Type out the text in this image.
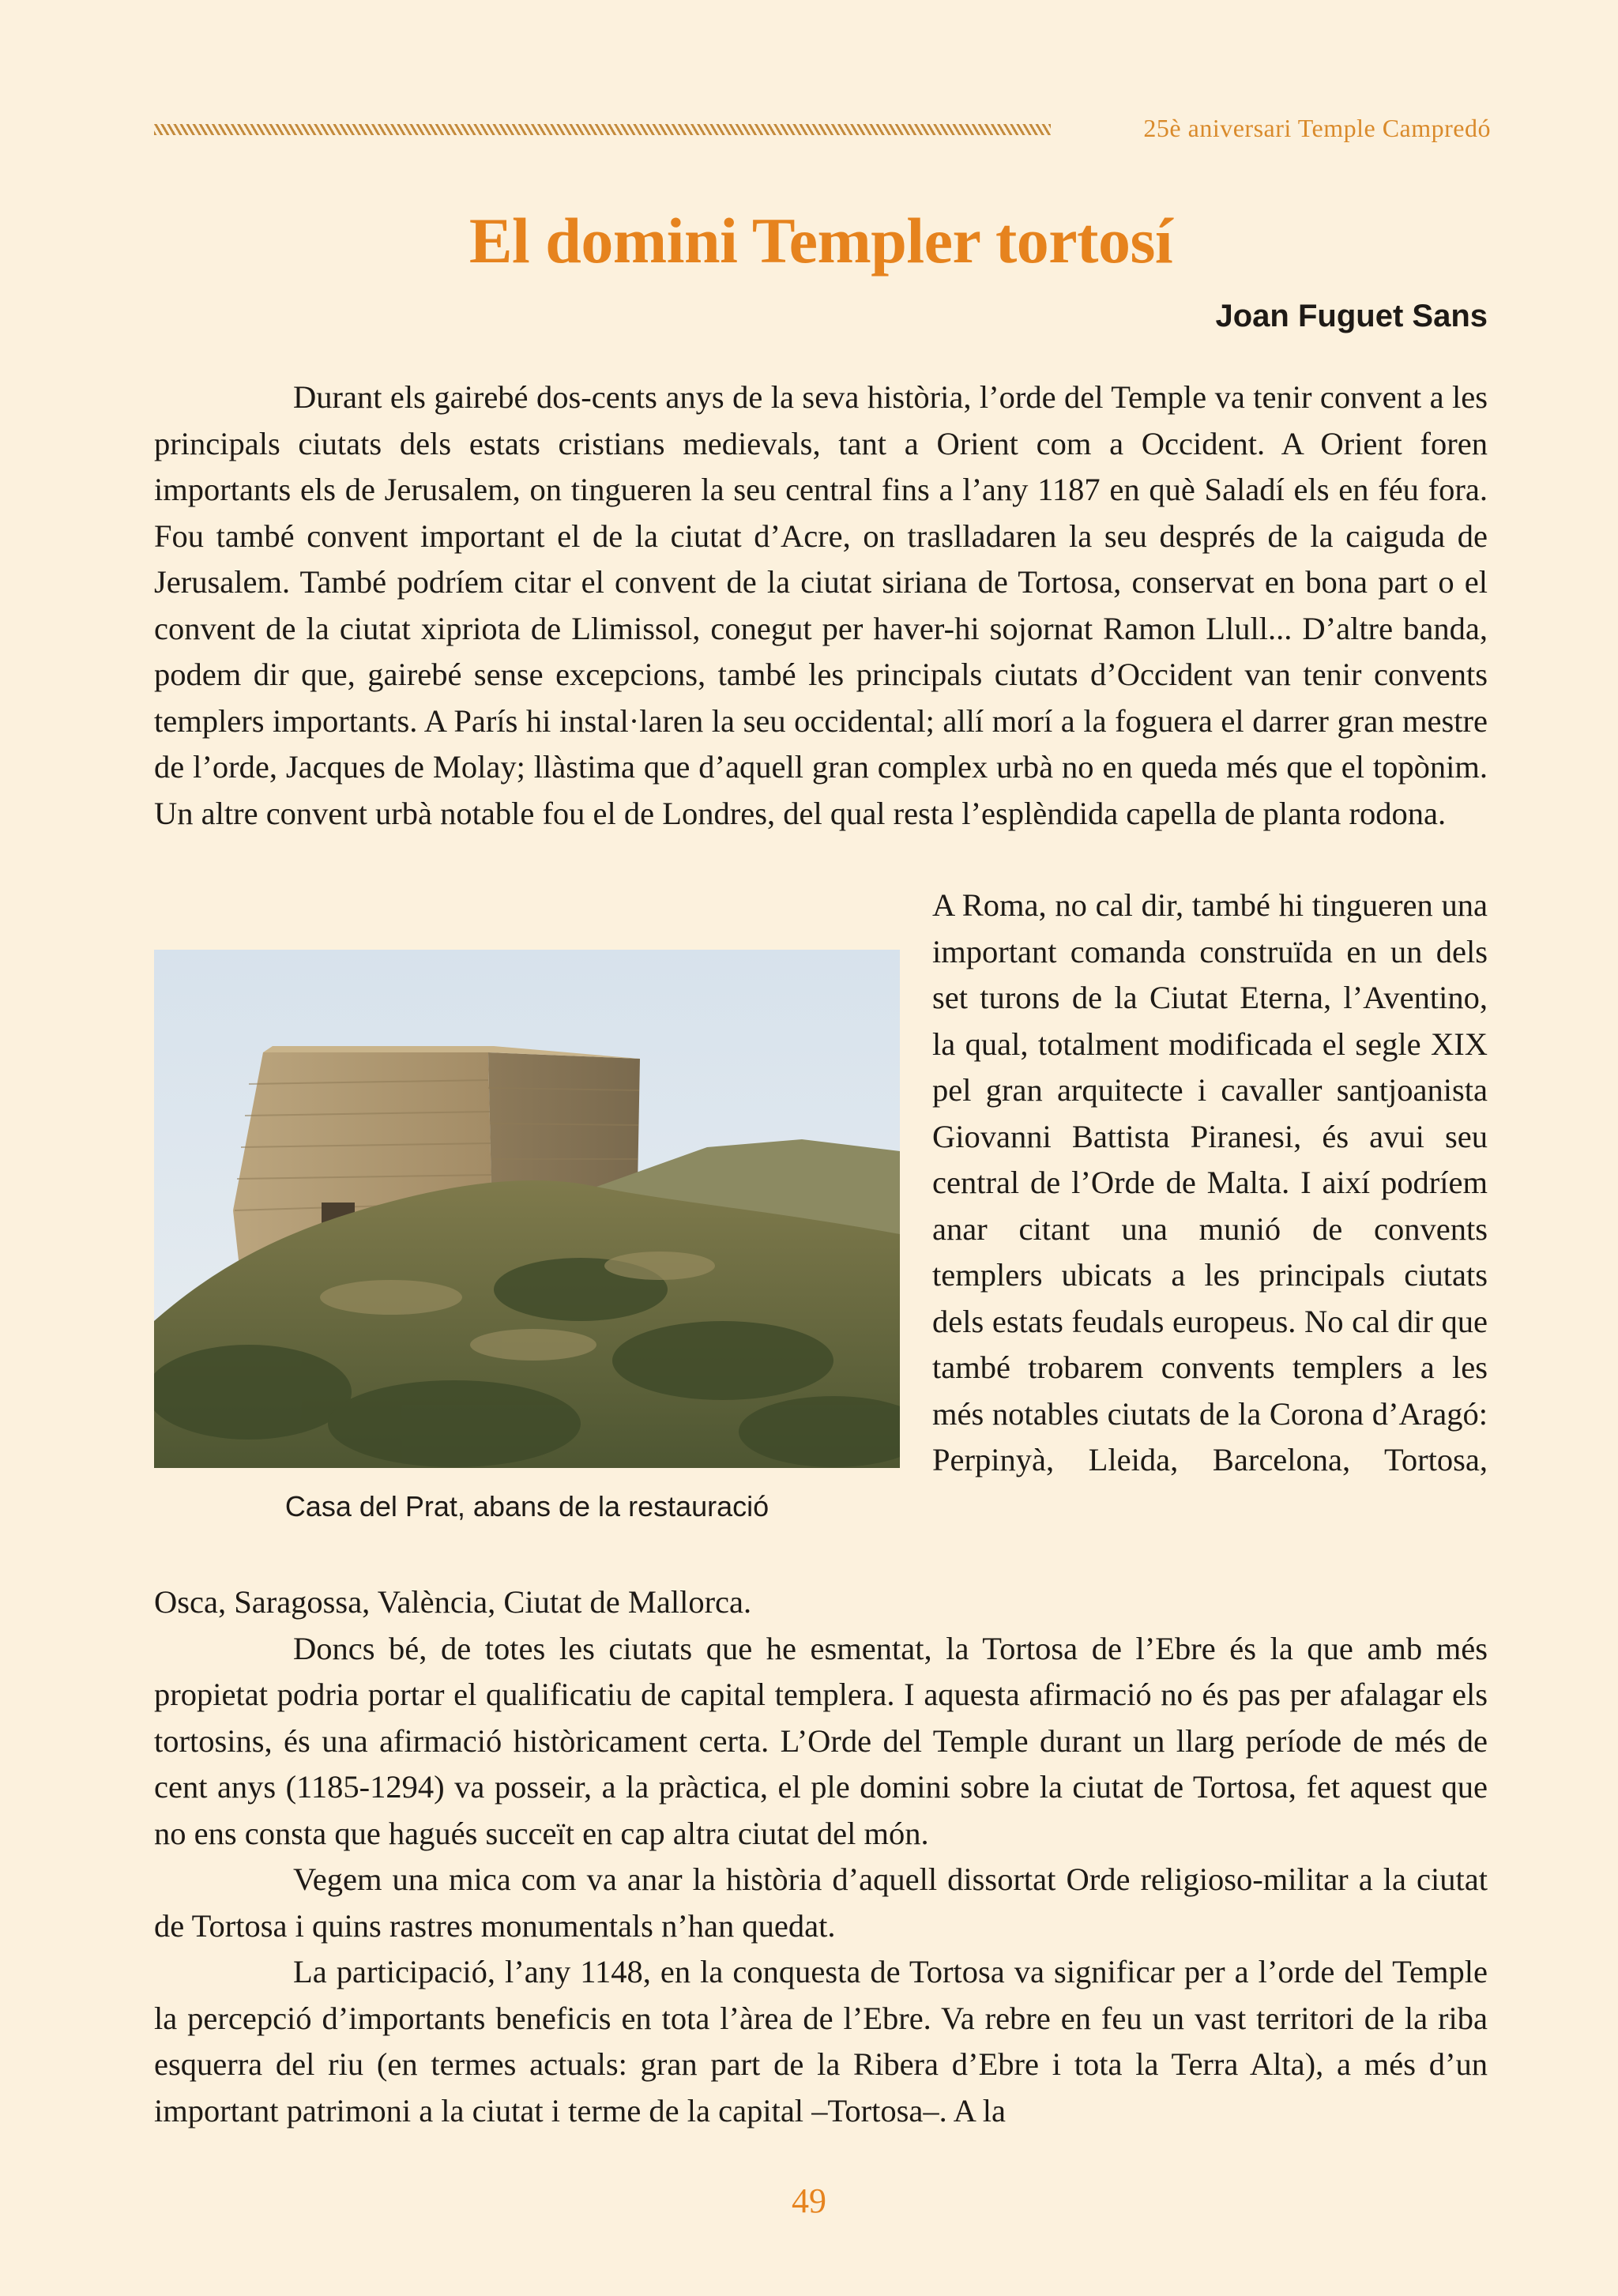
25è aniversari Temple Campredó
El domini Templer tortosí
Joan Fuguet Sans

Durant els gairebé dos-cents anys de la seva història, l’orde del Temple va tenir convent a les principals ciutats dels estats cristians medievals, tant a Orient com a Occident. A Orient foren importants els de Jerusalem, on tingueren la seu central fins a l’any 1187 en què Saladí els en féu fora. Fou també convent important el de la ciutat d’Acre, on traslladaren la seu després de la caiguda de Jerusalem. També podríem citar el convent de la ciutat siriana de Tortosa, conservat en bona part o el convent de la ciutat xipriota de Llimissol, conegut per haver-hi sojornat Ramon Llull... D’altre banda, podem dir que, gairebé sense excepcions, també les principals ciutats d’Occident van tenir convents templers importants. A París hi instal·laren la seu occidental; allí morí a la foguera el darrer gran mestre de l’orde, Jacques de Molay; llàstima que d’aquell gran complex urbà no en queda més que el topònim. Un altre convent urbà notable fou el de Londres, del qual resta l’esplèndida capella de planta rodona.

Casa del Prat, abans de la restauració
A Roma, no cal dir, també hi tingueren una important comanda construïda en un dels set turons de la Ciutat Eterna, l’Aventino, la qual, totalment modificada el segle XIX pel gran arquitecte i cavaller santjoanista Giovanni Battista Piranesi, és avui seu central de l’Orde de Malta. I així podríem anar citant una munió de convents templers ubicats a les principals ciutats dels estats feudals europeus. No cal dir que també trobarem convents templers a les més notables ciutats de la Corona d’Aragó: Perpinyà, Lleida, Barcelona, Tortosa,

Osca, Saragossa, València, Ciutat de Mallorca.

Doncs bé, de totes les ciutats que he esmentat, la Tortosa de l’Ebre és la que amb més propietat podria portar el qualificatiu de capital templera. I aquesta afirmació no és pas per afalagar els tortosins, és una afirmació històricament certa. L’Orde del Temple durant un llarg període de més de cent anys (1185-1294) va posseir, a la pràctica, el ple domini sobre la ciutat de Tortosa, fet aquest que no ens consta que hagués succeït en cap altra ciutat del món.

Vegem una mica com va anar la història d’aquell dissortat Orde religioso-militar a la ciutat de Tortosa i quins rastres monumentals n’han quedat.

La participació, l’any 1148, en la conquesta de Tortosa va significar per a l’orde del Temple la percepció d’importants beneficis en tota l’àrea de l’Ebre. Va rebre en feu un vast territori de la riba esquerra del riu (en termes actuals: gran part de la Ribera d’Ebre i tota la Terra Alta), a més d’un important patrimoni a la ciutat i terme de la capital –Tortosa–. A la

49
